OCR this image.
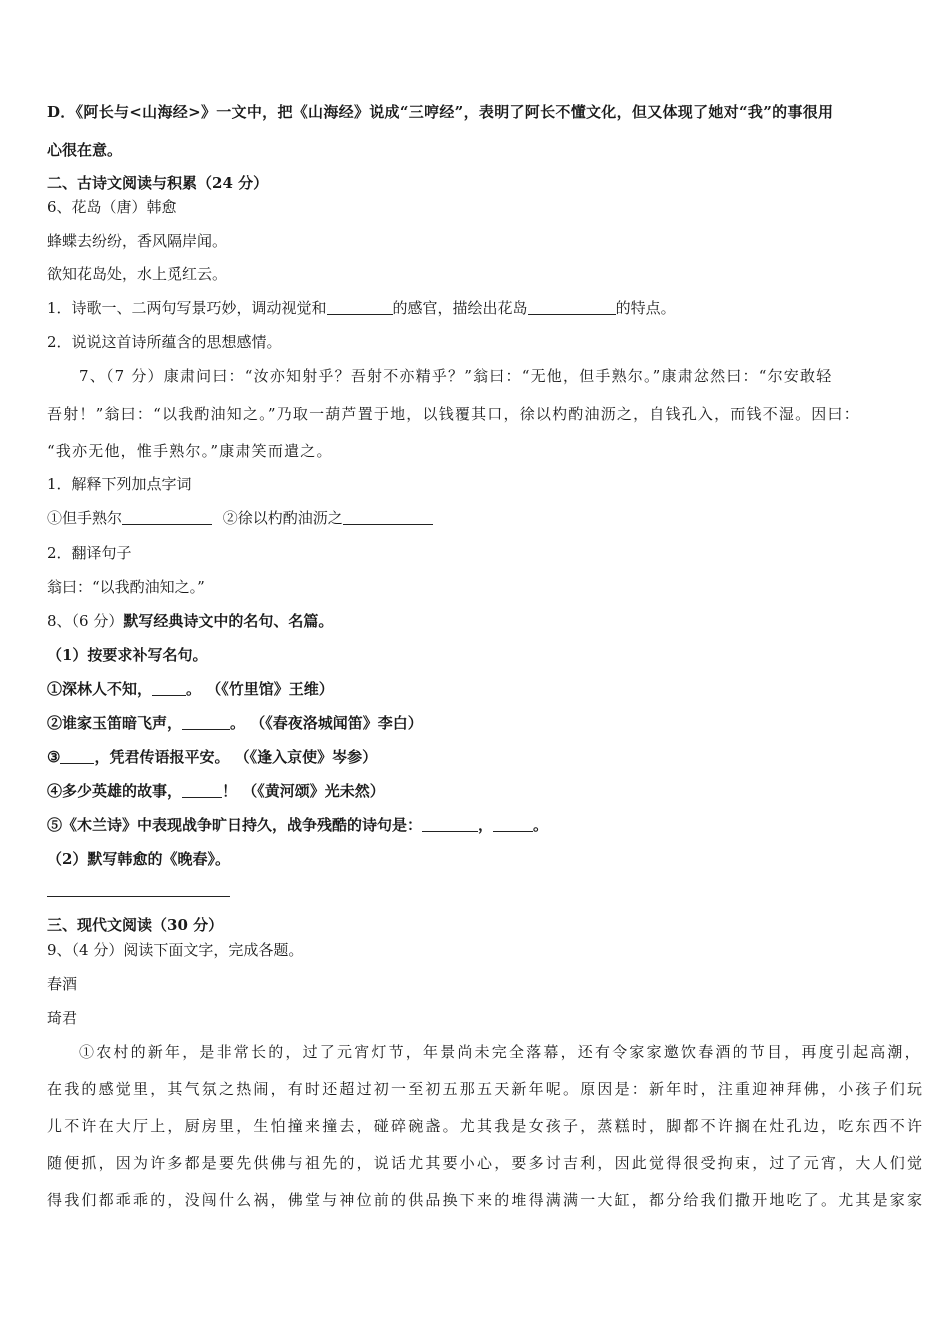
D．《阿长与<山海经>》一文中，把《山海经》说成“三哼经”，表明了阿长不懂文化，但又体现了她对“我”的事很用
心很在意。
二、古诗文阅读与积累（24 分）
6、花岛（唐）韩愈
蜂蝶去纷纷，香风隔岸闻。
欲知花岛处，水上觅红云。
1．诗歌一、二两句写景巧妙，调动视觉和	的感官，描绘出花岛	的特点。
2．说说这首诗所蕴含的思想感情。
7、（7 分）康肃问曰：“汝亦知射乎？吾射不亦精乎？”翁曰：“无他，但手熟尔。”康肃忿然曰：“尔安敢轻
吾射！”翁曰：“以我酌油知之。”乃取一葫芦置于地，以钱覆其口，徐以杓酌油沥之，自钱孔入，而钱不湿。因曰：
“我亦无他，惟手熟尔。”康肃笑而遣之。
1．解释下列加点字词
①但手熟尔	②徐以杓酌油沥之
2．翻译句子
翁曰：“以我酌油知之。”
8、（6 分）默写经典诗文中的名句、名篇。
（1）按要求补写名句。
①深林人不知， 。 （《竹里馆》王维）
②谁家玉笛暗飞声，	。 （《春夜洛城闻笛》李白）
③ ，凭君传语报平安。 （《逢入京使》岑参）
④多少英雄的故事，	！ （《黄河颂》光未然）
⑤《木兰诗》中表现战争旷日持久，战争残酷的诗句是：	，	。
（2）默写韩愈的《晚春》。
三、现代文阅读（30 分）
9、（4 分）阅读下面文字，完成各题。
春酒
琦君
①农村的新年，是非常长的，过了元宵灯节，年景尚未完全落幕，还有令家家邀饮春酒的节目，再度引起高潮，
在我的感觉里，其气氛之热闹，有时还超过初一至初五那五天新年呢。原因是：新年时，注重迎神拜佛，小孩子们玩
儿不许在大厅上，厨房里，生怕撞来撞去，碰碎碗盏。尤其我是女孩子，蒸糕时，脚都不许搁在灶孔边，吃东西不许
随便抓，因为许多都是要先供佛与祖先的，说话尤其要小心，要多讨吉利，因此觉得很受拘束，过了元宵，大人们觉
得我们都乖乖的，没闯什么祸，佛堂与神位前的供品换下来的堆得满满一大缸，都分给我们撒开地吃了。尤其是家家
